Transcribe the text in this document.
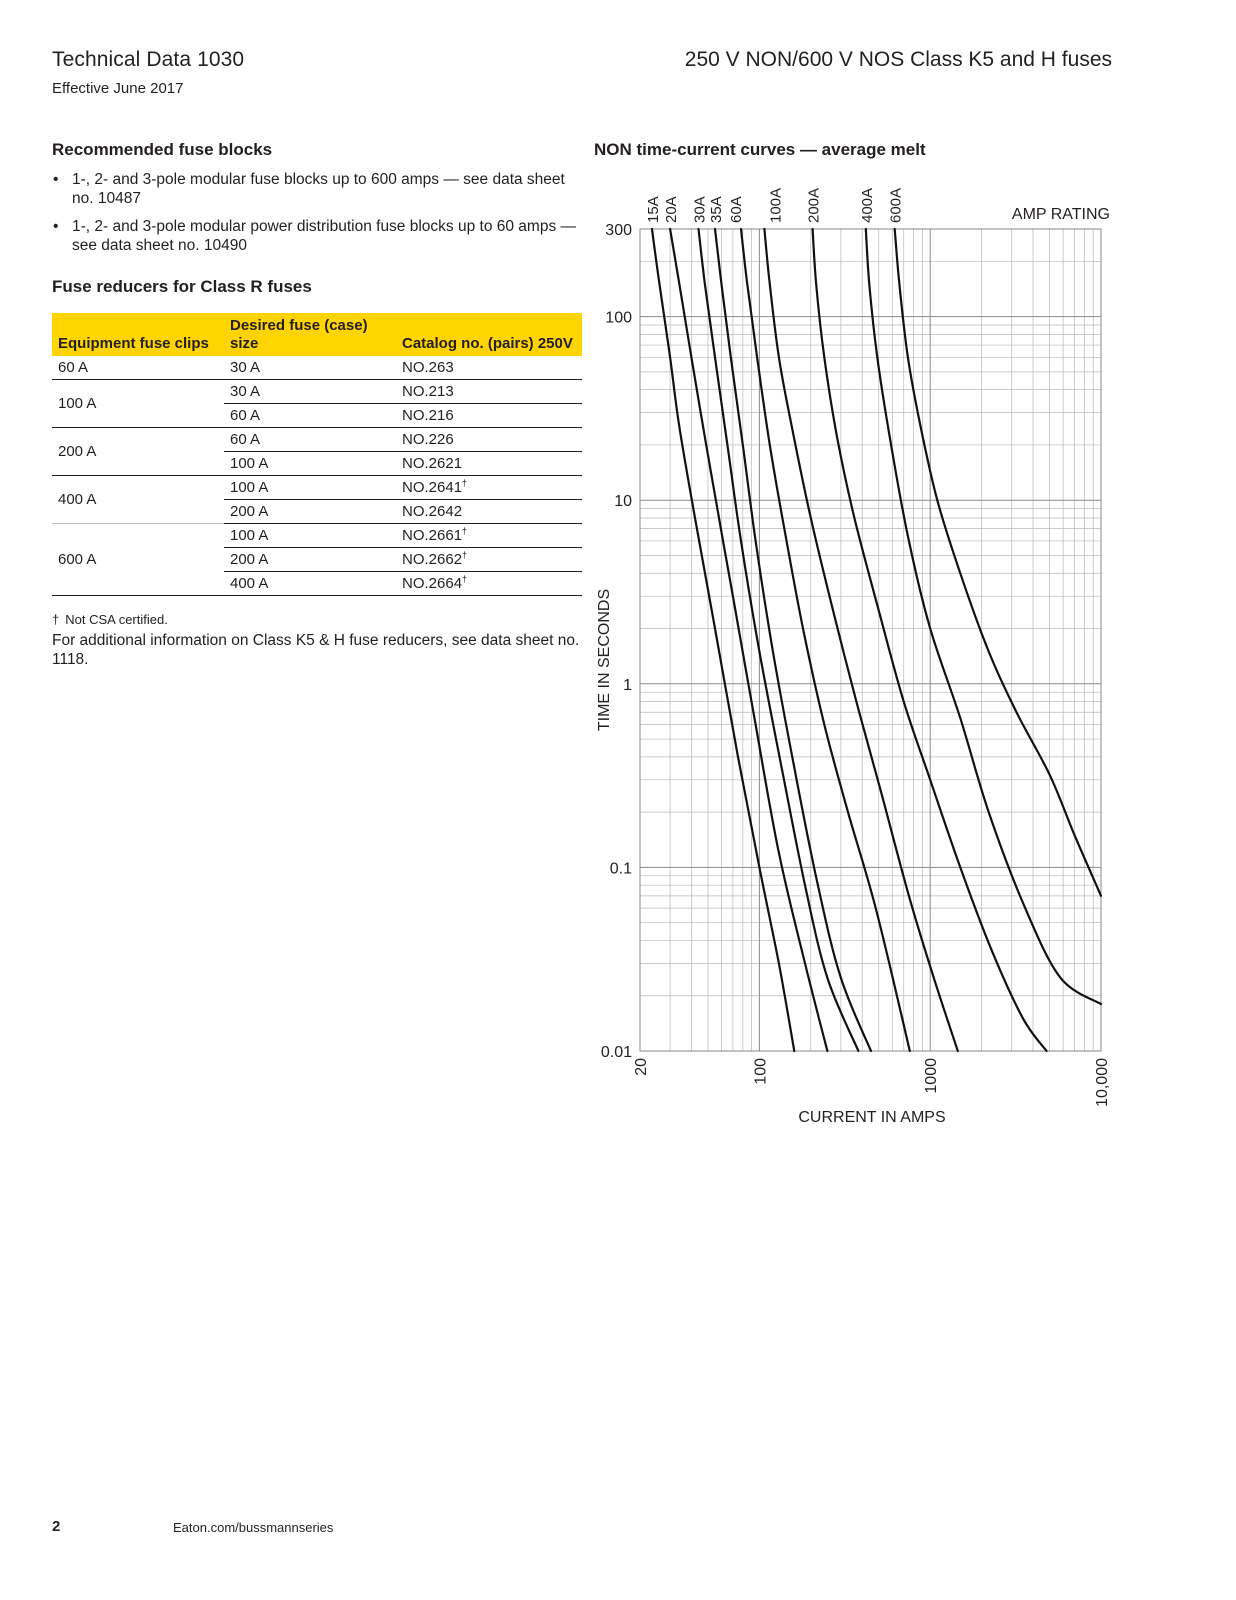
Technical Data 1030
Effective June 2017
250 V NON/600 V NOS Class K5 and H fuses
Recommended fuse blocks
• 1-, 2- and 3-pole modular fuse blocks up to 600 amps — see data sheet no. 10487
• 1-, 2- and 3-pole modular power distribution fuse blocks up to 60 amps — see data sheet no. 10490
Fuse reducers for Class R fuses
Equipment fuse clips	Desired fuse (case) size	Catalog no. (pairs) 250V
60 A	30 A	NO.263
100 A	30 A	NO.213
	60 A	NO.216
200 A	60 A	NO.226
	100 A	NO.2621
400 A	100 A	NO.2641†
	200 A	NO.2642
600 A	100 A	NO.2661†
	200 A	NO.2662†
	400 A	NO.2664†
† Not CSA certified.
For additional information on Class K5 & H fuse reducers, see data sheet no. 1118.
NON time-current curves — average melt
300
100
10
1
0.1
0.01
20	100	1000	10,000
15A 20A 30A 35A 60A 100A 200A 400A 600A
TIME IN SECONDS
CURRENT IN AMPS
AMP RATING
2	Eaton.com/bussmannseries
